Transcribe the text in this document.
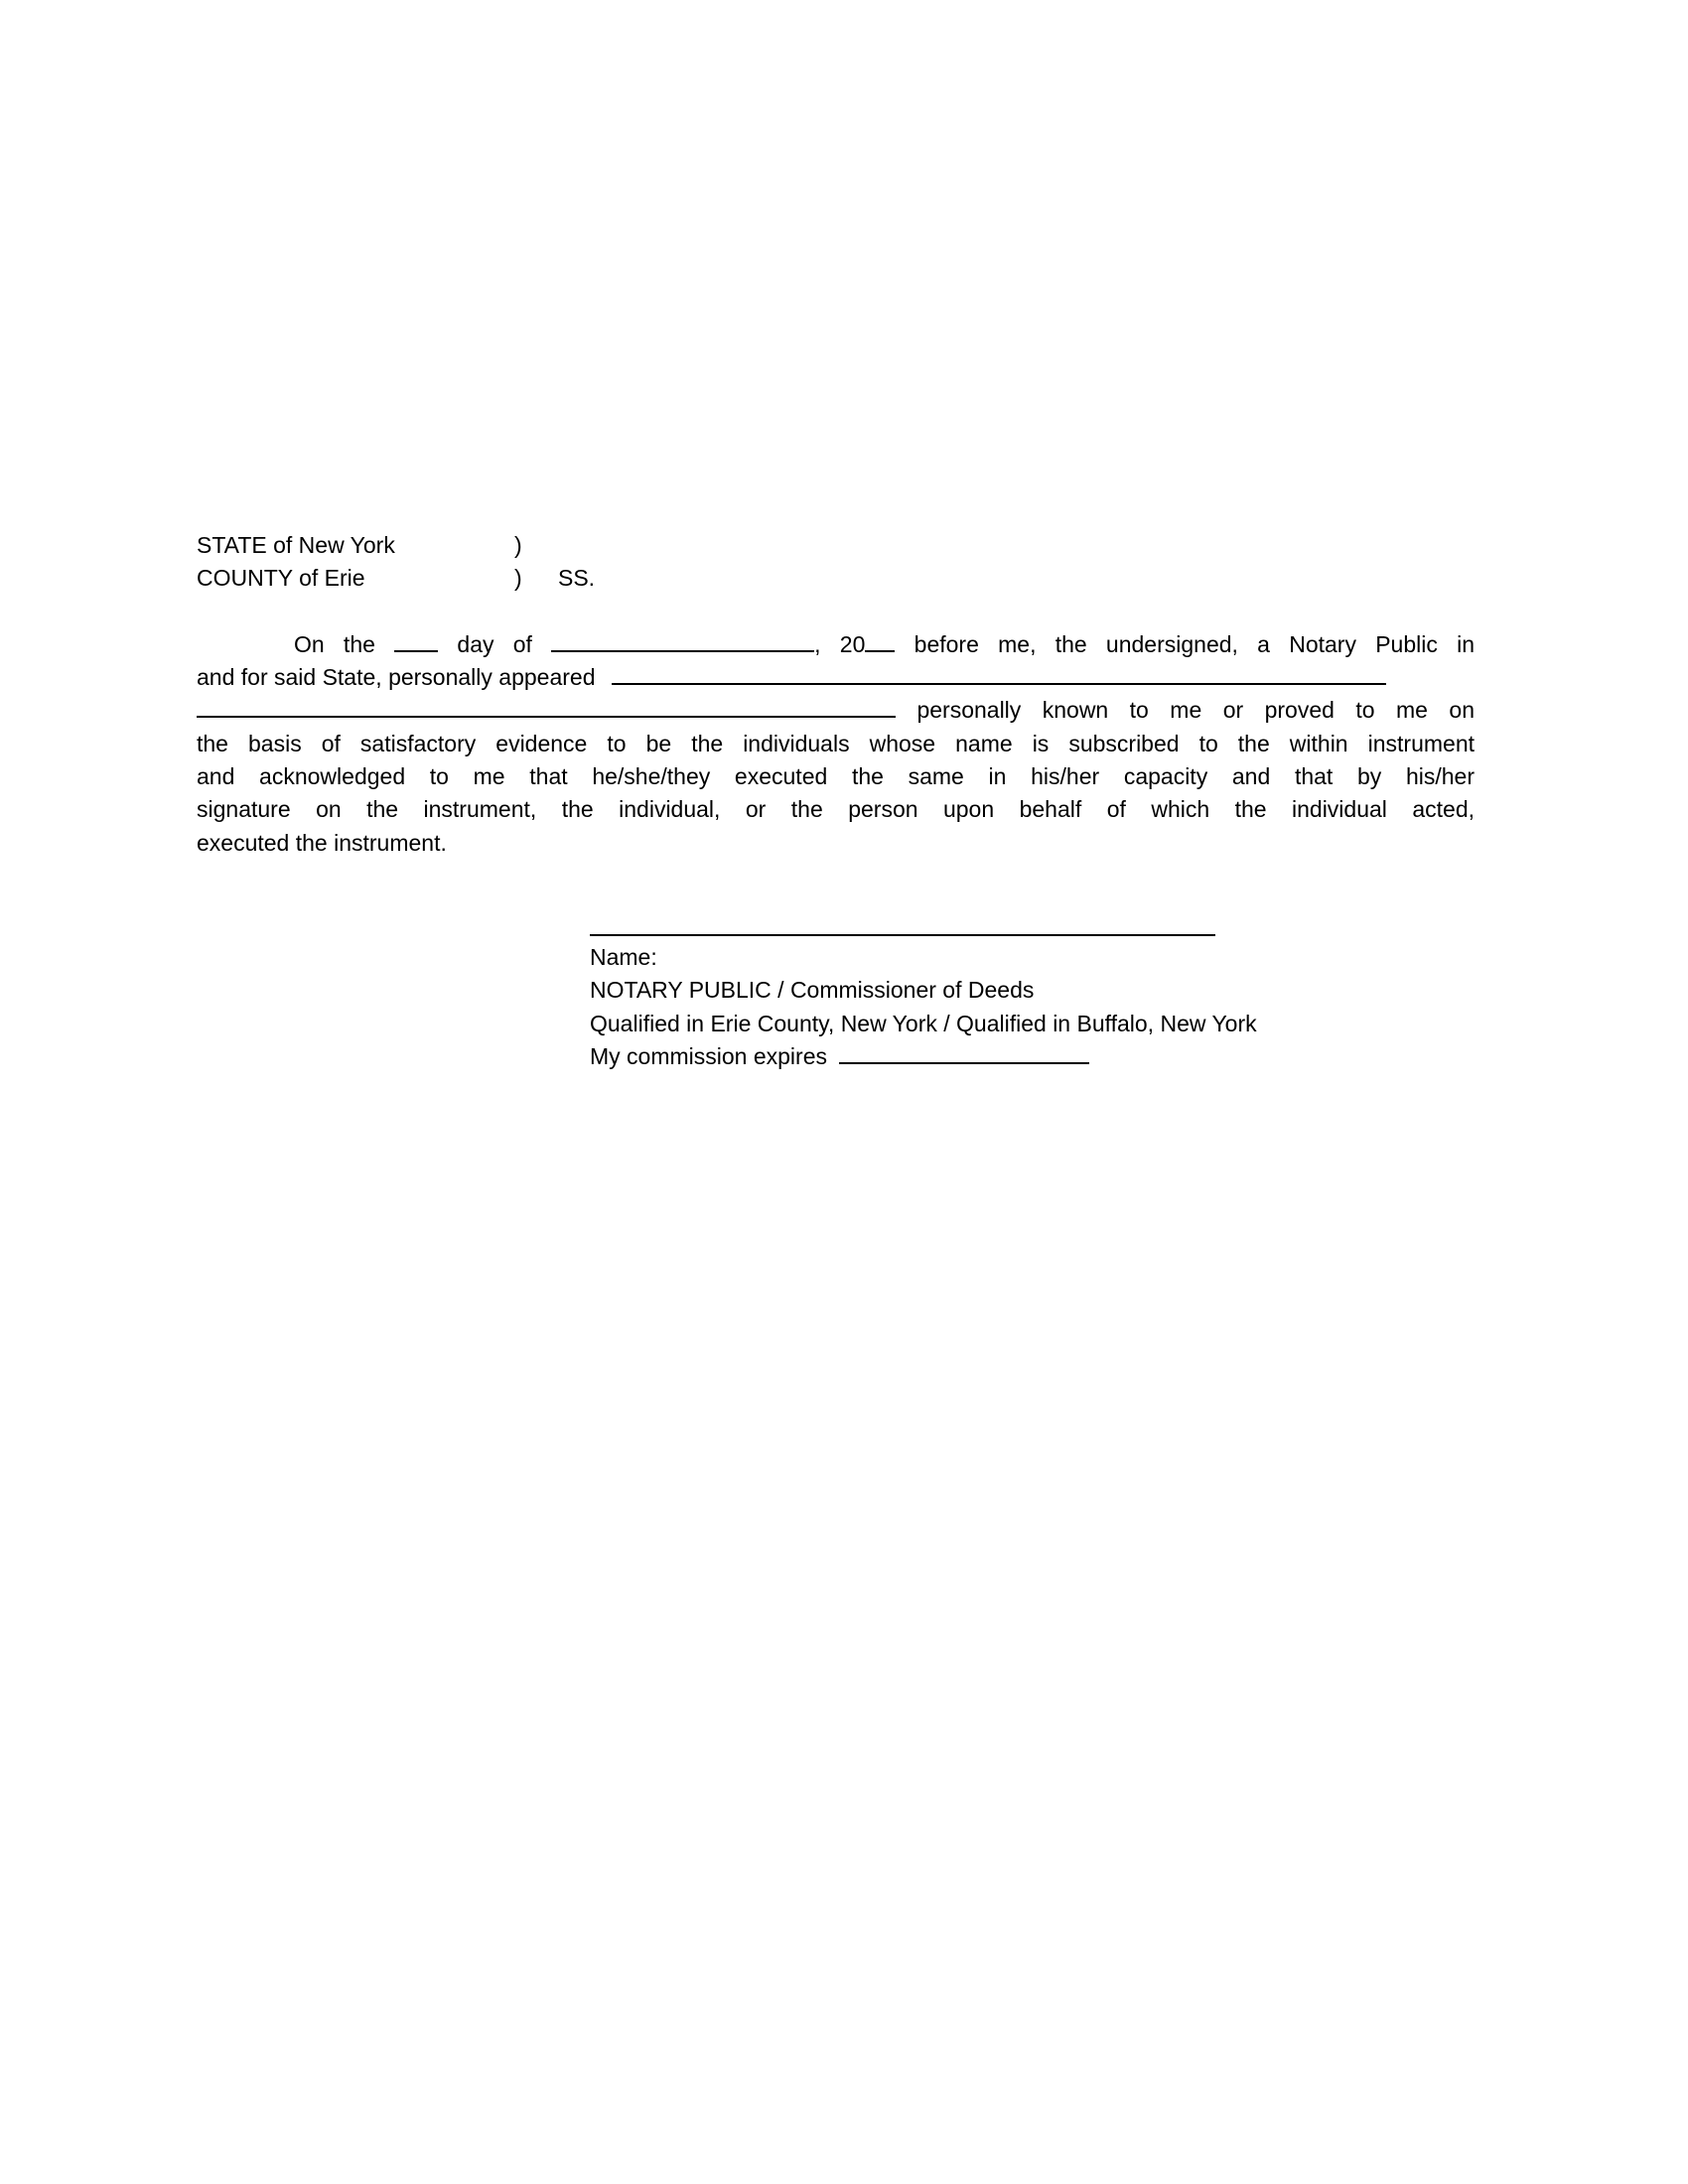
STATE of New York	)
COUNTY of Erie	) SS.
On the	day of	, 20 before me, the undersigned, a Notary Public in
and for said State, personally appeared
personally known to me or proved to me on
the basis of satisfactory evidence to be the individuals whose name is subscribed to the within instrument
and acknowledged to me that he/she/they executed the same in his/her capacity and that by his/her
signature on the instrument, the individual, or the person upon behalf of which the individual acted,
executed the instrument.
Name:
NOTARY PUBLIC / Commissioner of Deeds
Qualified in Erie County, New York / Qualified in Buffalo, New York
My commission expires
